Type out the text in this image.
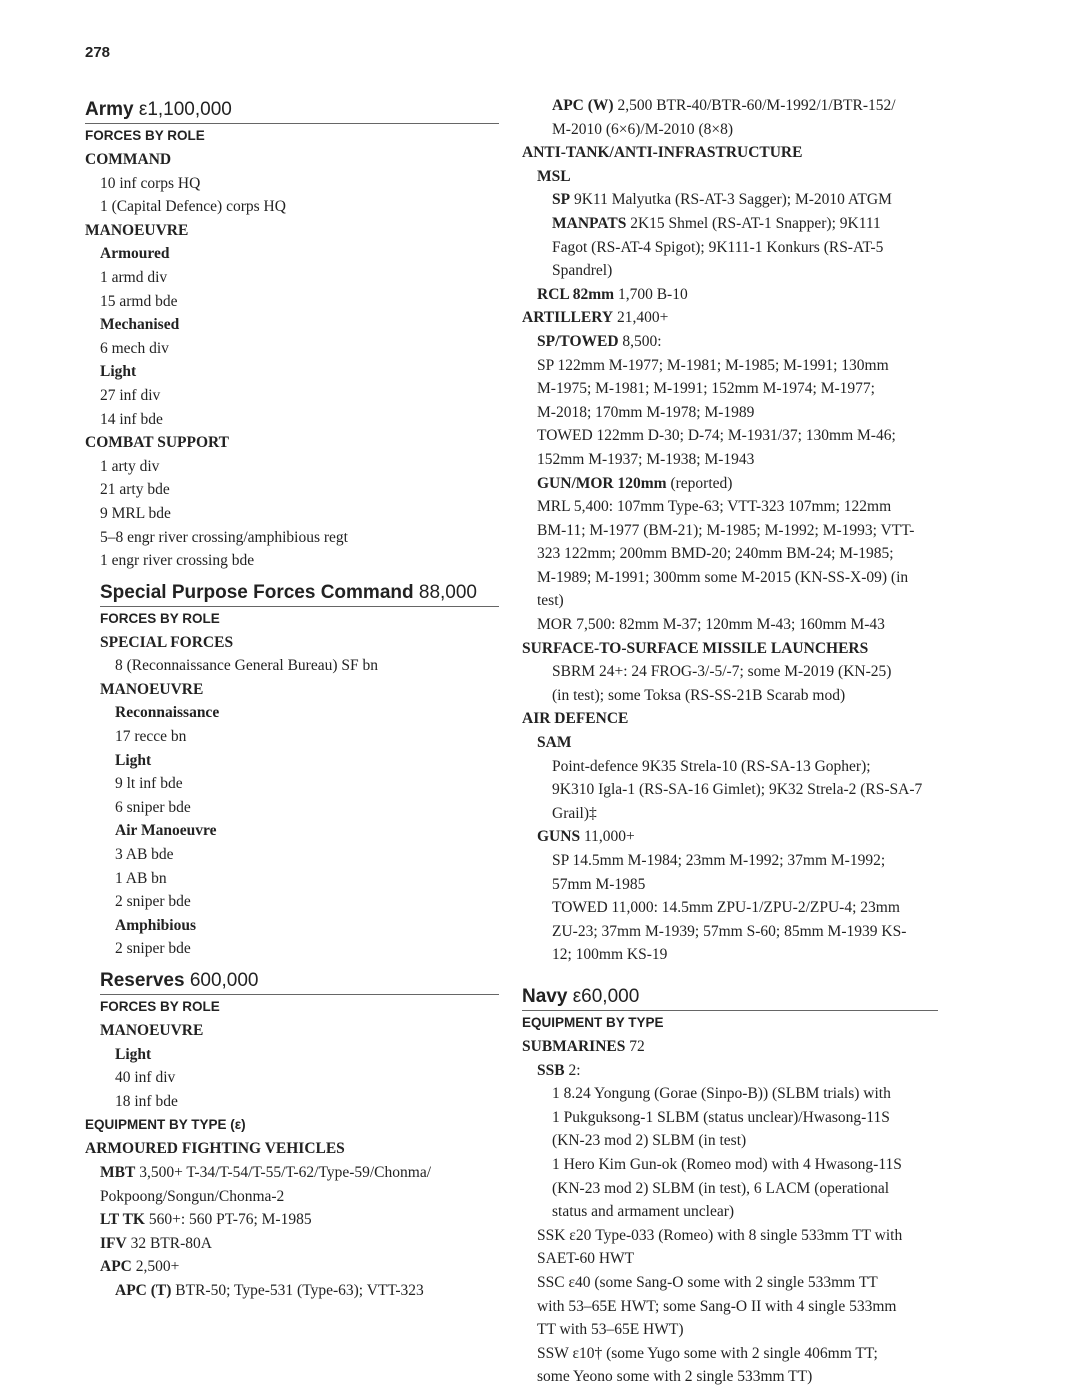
278
Army ε1,100,000
FORCES BY ROLE
COMMAND
10 inf corps HQ
1 (Capital Defence) corps HQ
MANOEUVRE
Armoured
1 armd div
15 armd bde
Mechanised
6 mech div
Light
27 inf div
14 inf bde
COMBAT SUPPORT
1 arty div
21 arty bde
9 MRL bde
5–8 engr river crossing/amphibious regt
1 engr river crossing bde
Special Purpose Forces Command 88,000
FORCES BY ROLE
SPECIAL FORCES
8 (Reconnaissance General Bureau) SF bn
MANOEUVRE
Reconnaissance
17 recce bn
Light
9 lt inf bde
6 sniper bde
Air Manoeuvre
3 AB bde
1 AB bn
2 sniper bde
Amphibious
2 sniper bde
Reserves 600,000
FORCES BY ROLE
MANOEUVRE
Light
40 inf div
18 inf bde
EQUIPMENT BY TYPE (ε)
ARMOURED FIGHTING VEHICLES
MBT 3,500+ T-34/T-54/T-55/T-62/Type-59/Chonma/
Pokpoong/Songun/Chonma-2
LT TK 560+: 560 PT-76; M-1985
IFV 32 BTR-80A
APC 2,500+
APC (T) BTR-50; Type-531 (Type-63); VTT-323
APC (W) 2,500 BTR-40/BTR-60/M-1992/1/BTR-152/
M-2010 (6×6)/M-2010 (8×8)
ANTI-TANK/ANTI-INFRASTRUCTURE
MSL
SP 9K11 Malyutka (RS-AT-3 Sagger); M-2010 ATGM
MANPATS 2K15 Shmel (RS-AT-1 Snapper); 9K111
Fagot (RS-AT-4 Spigot); 9K111-1 Konkurs (RS-AT-5
Spandrel)
RCL 82mm 1,700 B-10
ARTILLERY 21,400+
SP/TOWED 8,500:
SP 122mm M-1977; M-1981; M-1985; M-1991; 130mm
M-1975; M-1981; M-1991; 152mm M-1974; M-1977;
M-2018; 170mm M-1978; M-1989
TOWED 122mm D-30; D-74; M-1931/37; 130mm M-46;
152mm M-1937; M-1938; M-1943
GUN/MOR 120mm (reported)
MRL 5,400: 107mm Type-63; VTT-323 107mm; 122mm
BM-11; M-1977 (BM-21); M-1985; M-1992; M-1993; VTT-
323 122mm; 200mm BMD-20; 240mm BM-24; M-1985;
M-1989; M-1991; 300mm some M-2015 (KN-SS-X-09) (in
test)
MOR 7,500: 82mm M-37; 120mm M-43; 160mm M-43
SURFACE-TO-SURFACE MISSILE LAUNCHERS
SBRM 24+: 24 FROG-3/-5/-7; some M-2019 (KN-25)
(in test); some Toksa (RS-SS-21B Scarab mod)
AIR DEFENCE
SAM
Point-defence 9K35 Strela-10 (RS-SA-13 Gopher);
9K310 Igla-1 (RS-SA-16 Gimlet); 9K32 Strela-2 (RS-SA-7
Grail)‡
GUNS 11,000+
SP 14.5mm M-1984; 23mm M-1992; 37mm M-1992;
57mm M-1985
TOWED 11,000: 14.5mm ZPU-1/ZPU-2/ZPU-4; 23mm
ZU-23; 37mm M-1939; 57mm S-60; 85mm M-1939 KS-
12; 100mm KS-19
Navy ε60,000
EQUIPMENT BY TYPE
SUBMARINES 72
SSB 2:
1 8.24 Yongung (Gorae (Sinpo-B)) (SLBM trials) with
1 Pukguksong-1 SLBM (status unclear)/Hwasong-11S
(KN-23 mod 2) SLBM (in test)
1 Hero Kim Gun-ok (Romeo mod) with 4 Hwasong-11S
(KN-23 mod 2) SLBM (in test), 6 LACM (operational
status and armament unclear)
SSK ε20 Type-033 (Romeo) with 8 single 533mm TT with
SAET-60 HWT
SSC ε40 (some Sang-O some with 2 single 533mm TT
with 53–65E HWT; some Sang-O II with 4 single 533mm
TT with 53–65E HWT)
SSW ε10† (some Yugo some with 2 single 406mm TT;
some Yeono some with 2 single 533mm TT)
